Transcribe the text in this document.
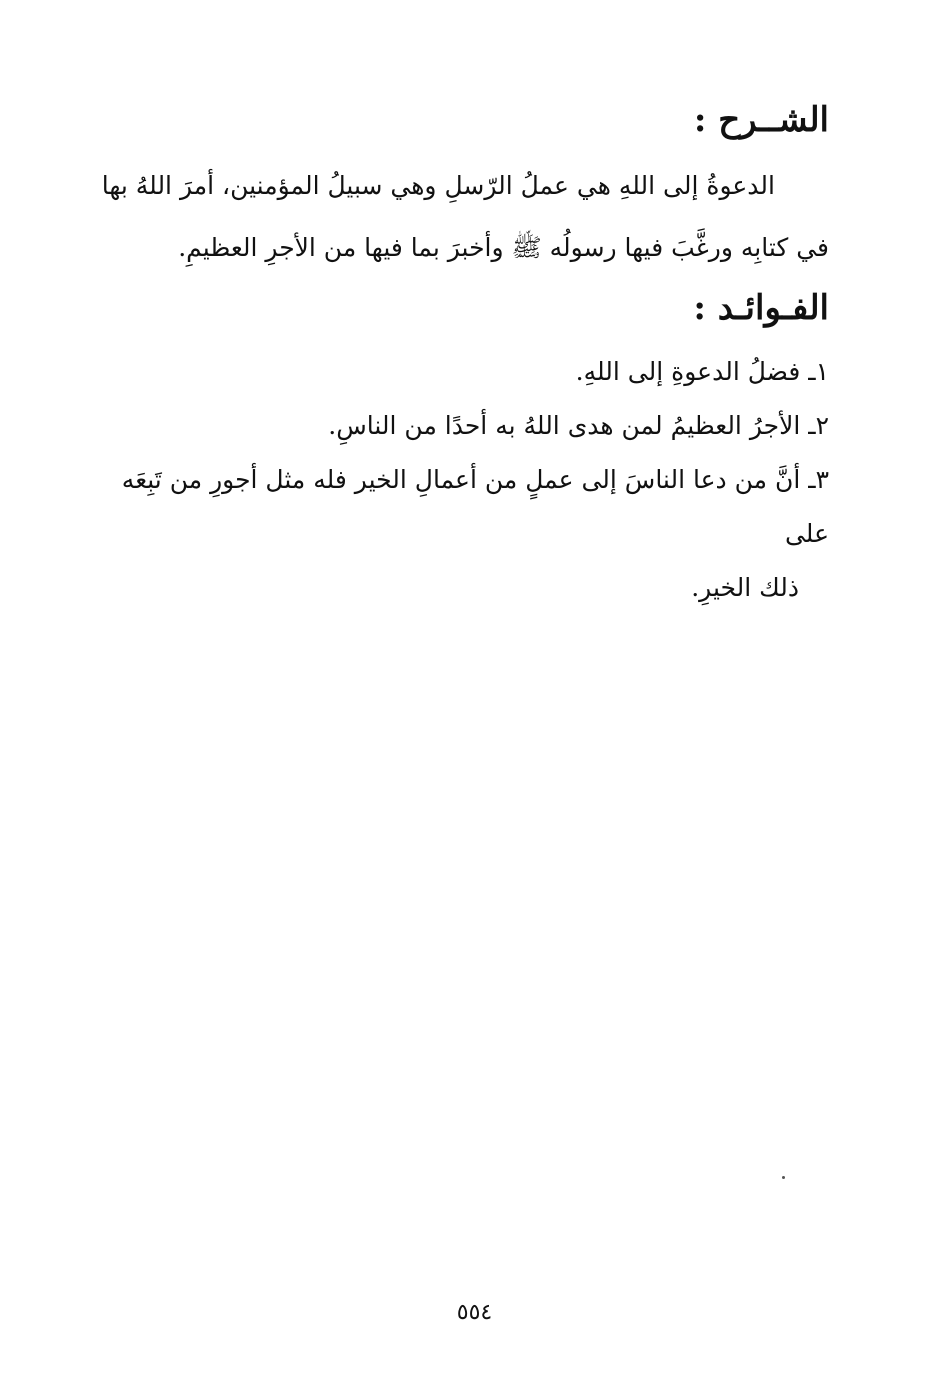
الشــرح :
الدعوةُ إلى اللهِ هي عملُ الرّسلِ وهي سبيلُ المؤمنين، أمرَ اللهُ بها
في كتابِه ورغَّبَ فيها رسولُه ﷺ وأخبرَ بما فيها من الأجرِ العظيمِ.
الفـوائـد :
١ـ فضلُ الدعوةِ إلى اللهِ.
٢ـ الأجرُ العظيمُ لمن هدى اللهُ به أحدًا من الناسِ.
٣ـ أنَّ من دعا الناسَ إلى عملٍ من أعمالِ الخير فله مثل أجورِ من تَبِعَه على
ذلك الخيرِ.
٥٥٤
